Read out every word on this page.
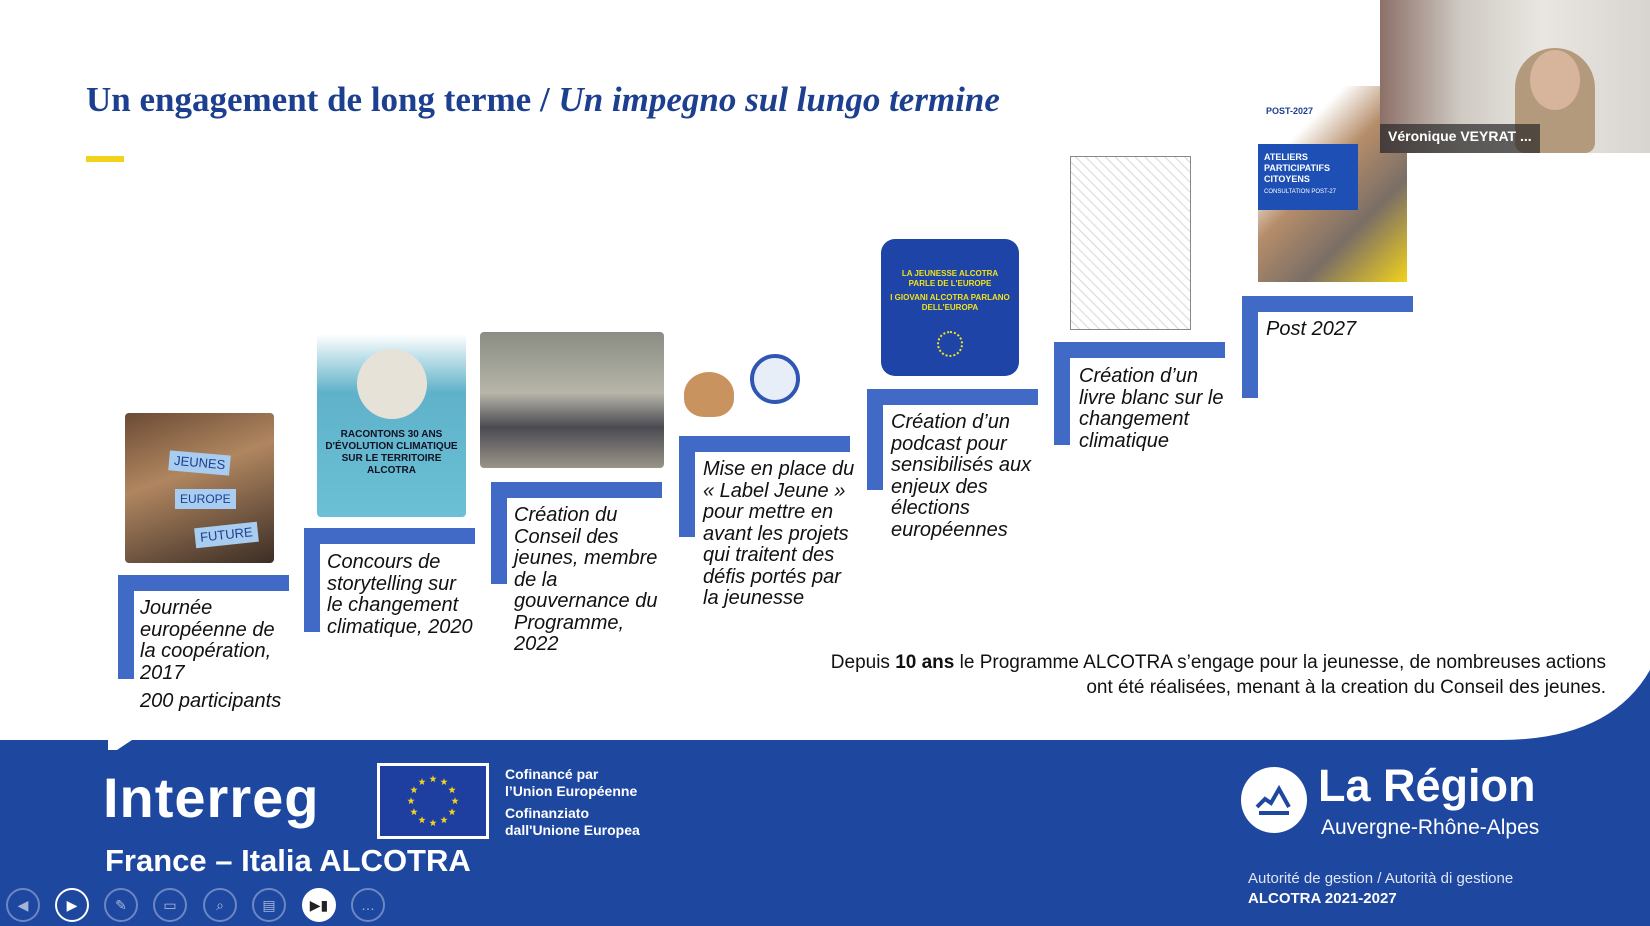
Un engagement de long terme / Un impegno sul lungo termine
JEUNES
EUROPE
FUTURE
Journée européenne de la coopération, 2017
200 participants
RACONTONS 30 ANS D'ÉVOLUTION CLIMATIQUE SUR LE TERRITOIRE ALCOTRA
Concours de storytelling sur le changement climatique, 2020
Création du Conseil des jeunes, membre de la gouvernance du Programme, 2022
Mise en place du « Label Jeune » pour mettre en avant les projets qui traitent des défis portés par la jeunesse
LA JEUNESSE ALCOTRA PARLE DE L'EUROPE
I GIOVANI ALCOTRA PARLANO DELL'EUROPA
Création d’un podcast pour sensibilisés aux enjeux des élections européennes
Création d’un livre blanc sur le changement climatique
POST-2027
ATELIERS PARTICIPATIFS CITOYENS
CONSULTATION POST-27
Post 2027
Depuis 10 ans le Programme ALCOTRA s’engage pour la jeunesse, de nombreuses actions ont été réalisées, menant à la creation du Conseil des jeunes.
Interreg	Cofinancé par l’Union Européenne
Cofinanziato dall'Unione Europea
France – Italia ALCOTRA
La Région
Auvergne-Rhône-Alpes
Autorité de gestion / Autorità di gestione
ALCOTRA 2021-2027
◀	▶	✎	▭	⌕	▤	▶▮	…
Véronique VEYRAT ...
